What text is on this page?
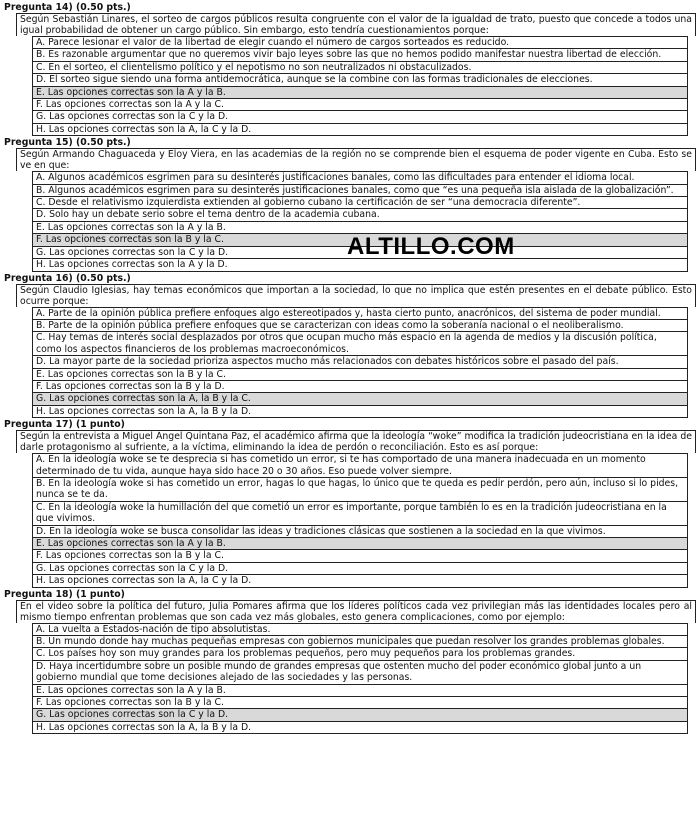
Pregunta 14) (0.50 pts.)
Según Sebastián Linares, el sorteo de cargos públicos resulta congruente con el valor de la igualdad de trato, puesto que concede a todos una igual probabilidad de obtener un cargo público. Sin embargo, esto tendría cuestionamientos porque:
A. Parece lesionar el valor de la libertad de elegir cuando el número de cargos sorteados es reducido.
B. Es razonable argumentar que no queremos vivir bajo leyes sobre las que no hemos podido manifestar nuestra libertad de elección.
C. En el sorteo, el clientelismo político y el nepotismo no son neutralizados ni obstaculizados.
D. El sorteo sigue siendo una forma antidemocrática, aunque se la combine con las formas tradicionales de elecciones.
E. Las opciones correctas son la A y la B.
F. Las opciones correctas son la A y la C.
G. Las opciones correctas son la C y la D.
H. Las opciones correctas son la A, la C y la D.
Pregunta 15) (0.50 pts.)
Según Armando Chaguaceda y Eloy Viera, en las academias de la región no se comprende bien el esquema de poder vigente en Cuba. Esto se ve en que:
A. Algunos académicos esgrimen para su desinterés justificaciones banales, como las dificultades para entender el idioma local.
B. Algunos académicos esgrimen para su desinterés justificaciones banales, como que “es una pequeña isla aislada de la globalización”.
C. Desde el relativismo izquierdista extienden al gobierno cubano la certificación de ser “una democracia diferente”.
D. Solo hay un debate serio sobre el tema dentro de la academia cubana.
E. Las opciones correctas son la A y la B.
F. Las opciones correctas son la B y la C.
G. Las opciones correctas son la C y la D.
H. Las opciones correctas son la A y la D.
Pregunta 16) (0.50 pts.)
Según Claudio Iglesias, hay temas económicos que importan a la sociedad, lo que no implica que estén presentes en el debate público. Esto ocurre porque:
A. Parte de la opinión pública prefiere enfoques algo estereotipados y, hasta cierto punto, anacrónicos, del sistema de poder mundial.
B. Parte de la opinión pública prefiere enfoques que se caracterizan con ideas como la soberanía nacional o el neoliberalismo.
C. Hay temas de interés social desplazados por otros que ocupan mucho más espacio en la agenda de medios y la discusión política, como los aspectos financieros de los problemas macroeconómicos.
D. La mayor parte de la sociedad prioriza aspectos mucho más relacionados con debates históricos sobre el pasado del país.
E. Las opciones correctas son la B y la C.
F. Las opciones correctas son la B y la D.
G. Las opciones correctas son la A, la B y la C.
H. Las opciones correctas son la A, la B y la D.
ALTILLO.COM
Pregunta 17) (1 punto)
Según la entrevista a Miguel Ángel Quintana Paz, el académico afirma que la ideología “woke” modifica la tradición judeocristiana en la idea de darle protagonismo al sufriente, a la víctima, eliminando la idea de perdón o reconciliación. Esto es así porque:
A. En la ideología woke se te desprecia si has cometido un error, si te has comportado de una manera inadecuada en un momento determinado de tu vida, aunque haya sido hace 20 o 30 años. Eso puede volver siempre.
B. En la ideología woke si has cometido un error, hagas lo que hagas, lo único que te queda es pedir perdón, pero aún, incluso si lo pides, nunca se te da.
C. En la ideología woke la humillación del que cometió un error es importante, porque también lo es en la tradición judeocristiana en la que vivimos.
D. En la ideología woke se busca consolidar las ideas y tradiciones clásicas que sostienen a la sociedad en la que vivimos.
E. Las opciones correctas son la A y la B.
F. Las opciones correctas son la B y la C.
G. Las opciones correctas son la C y la D.
H. Las opciones correctas son la A, la C y la D.
Pregunta 18) (1 punto)
En el video sobre la política del futuro, Julia Pomares afirma que los líderes políticos cada vez privilegian más las identidades locales pero al mismo tiempo enfrentan problemas que son cada vez más globales, esto genera complicaciones, como por ejemplo:
A. La vuelta a Estados-nación de tipo absolutistas.
B. Un mundo donde hay muchas pequeñas empresas con gobiernos municipales que puedan resolver los grandes problemas globales.
C. Los países hoy son muy grandes para los problemas pequeños, pero muy pequeños para los problemas grandes.
D. Haya incertidumbre sobre un posible mundo de grandes empresas que ostenten mucho del poder económico global junto a un gobierno mundial que tome decisiones alejado de las sociedades y las personas.
E. Las opciones correctas son la A y la B.
F. Las opciones correctas son la B y la C.
G. Las opciones correctas son la C y la D.
H. Las opciones correctas son la A, la B y la D.
